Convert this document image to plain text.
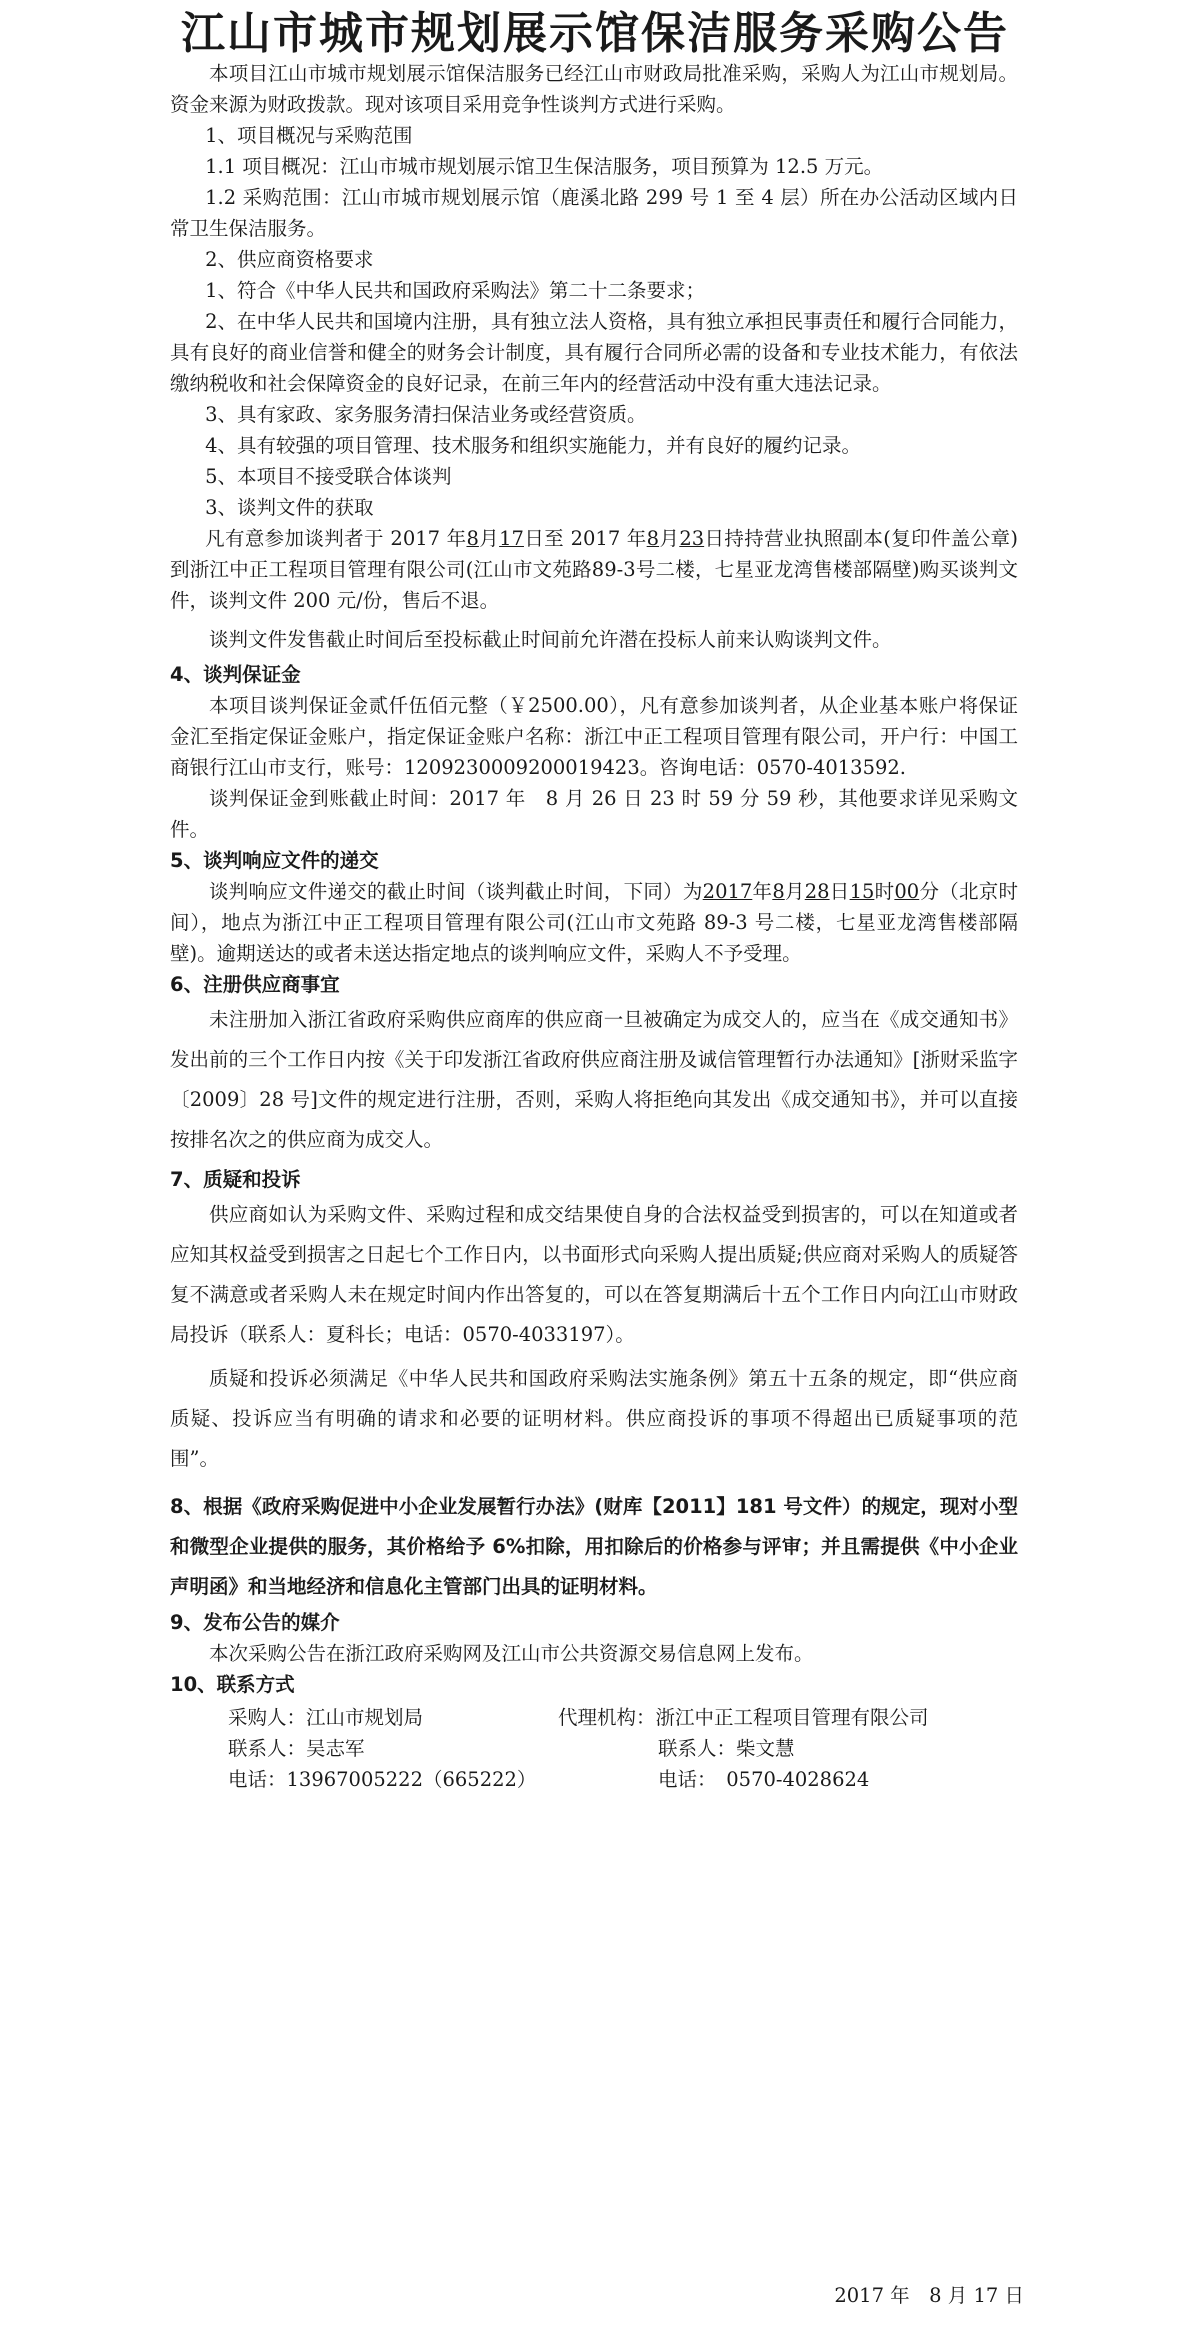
江山市城市规划展示馆保洁服务采购公告

本项目江山市城市规划展示馆保洁服务已经江山市财政局批准采购，采购人为江山市规划局。资金来源为财政拨款。现对该项目采用竞争性谈判方式进行采购。

1、项目概况与采购范围

1.1 项目概况：江山市城市规划展示馆卫生保洁服务，项目预算为 12.5 万元。

1.2 采购范围：江山市城市规划展示馆（鹿溪北路 299 号 1 至 4 层）所在办公活动区域内日常卫生保洁服务。

2、供应商资格要求

1、符合《中华人民共和国政府采购法》第二十二条要求；

2、在中华人民共和国境内注册，具有独立法人资格，具有独立承担民事责任和履行合同能力，具有良好的商业信誉和健全的财务会计制度，具有履行合同所必需的设备和专业技术能力，有依法缴纳税收和社会保障资金的良好记录，在前三年内的经营活动中没有重大违法记录。

3、具有家政、家务服务清扫保洁业务或经营资质。

4、具有较强的项目管理、技术服务和组织实施能力，并有良好的履约记录。

5、本项目不接受联合体谈判

3、谈判文件的获取

凡有意参加谈判者于 2017 年8月17日至 2017 年8月23日持持营业执照副本(复印件盖公章)到浙江中正工程项目管理有限公司(江山市文苑路89-3号二楼，七星亚龙湾售楼部隔壁)购买谈判文件，谈判文件 200 元/份，售后不退。

谈判文件发售截止时间后至投标截止时间前允许潜在投标人前来认购谈判文件。

4、谈判保证金

本项目谈判保证金贰仟伍佰元整（￥2500.00），凡有意参加谈判者，从企业基本账户将保证金汇至指定保证金账户，指定保证金账户名称：浙江中正工程项目管理有限公司，开户行：中国工商银行江山市支行，账号：1209230009200019423。咨询电话：0570-4013592.

谈判保证金到账截止时间：2017 年　8 月 26 日 23 时 59 分 59 秒，其他要求详见采购文件。

5、谈判响应文件的递交

谈判响应文件递交的截止时间（谈判截止时间，下同）为2017年8月28日15时00分（北京时间），地点为浙江中正工程项目管理有限公司(江山市文苑路 89-3 号二楼，七星亚龙湾售楼部隔壁)。逾期送达的或者未送达指定地点的谈判响应文件，采购人不予受理。

6、注册供应商事宜

未注册加入浙江省政府采购供应商库的供应商一旦被确定为成交人的，应当在《成交通知书》发出前的三个工作日内按《关于印发浙江省政府供应商注册及诚信管理暂行办法通知》[浙财采监字〔2009〕28 号]文件的规定进行注册，否则，采购人将拒绝向其发出《成交通知书》，并可以直接按排名次之的供应商为成交人。

7、质疑和投诉

供应商如认为采购文件、采购过程和成交结果使自身的合法权益受到损害的，可以在知道或者应知其权益受到损害之日起七个工作日内，以书面形式向采购人提出质疑;供应商对采购人的质疑答复不满意或者采购人未在规定时间内作出答复的，可以在答复期满后十五个工作日内向江山市财政局投诉（联系人：夏科长；电话：0570-4033197）。

质疑和投诉必须满足《中华人民共和国政府采购法实施条例》第五十五条的规定，即“供应商质疑、投诉应当有明确的请求和必要的证明材料。供应商投诉的事项不得超出已质疑事项的范围”。

8、根据《政府采购促进中小企业发展暂行办法》(财库【2011】181 号文件）的规定，现对小型和微型企业提供的服务，其价格给予 6%扣除，用扣除后的价格参与评审；并且需提供《中小企业声明函》和当地经济和信息化主管部门出具的证明材料。

9、发布公告的媒介

本次采购公告在浙江政府采购网及江山市公共资源交易信息网上发布。

10、联系方式

采购人：江山市规划局	代理机构：浙江中正工程项目管理有限公司
联系人：吴志军	联系人：柴文慧
电话：13967005222（665222）	电话：　0570-4028624
2017 年　8 月 17 日
